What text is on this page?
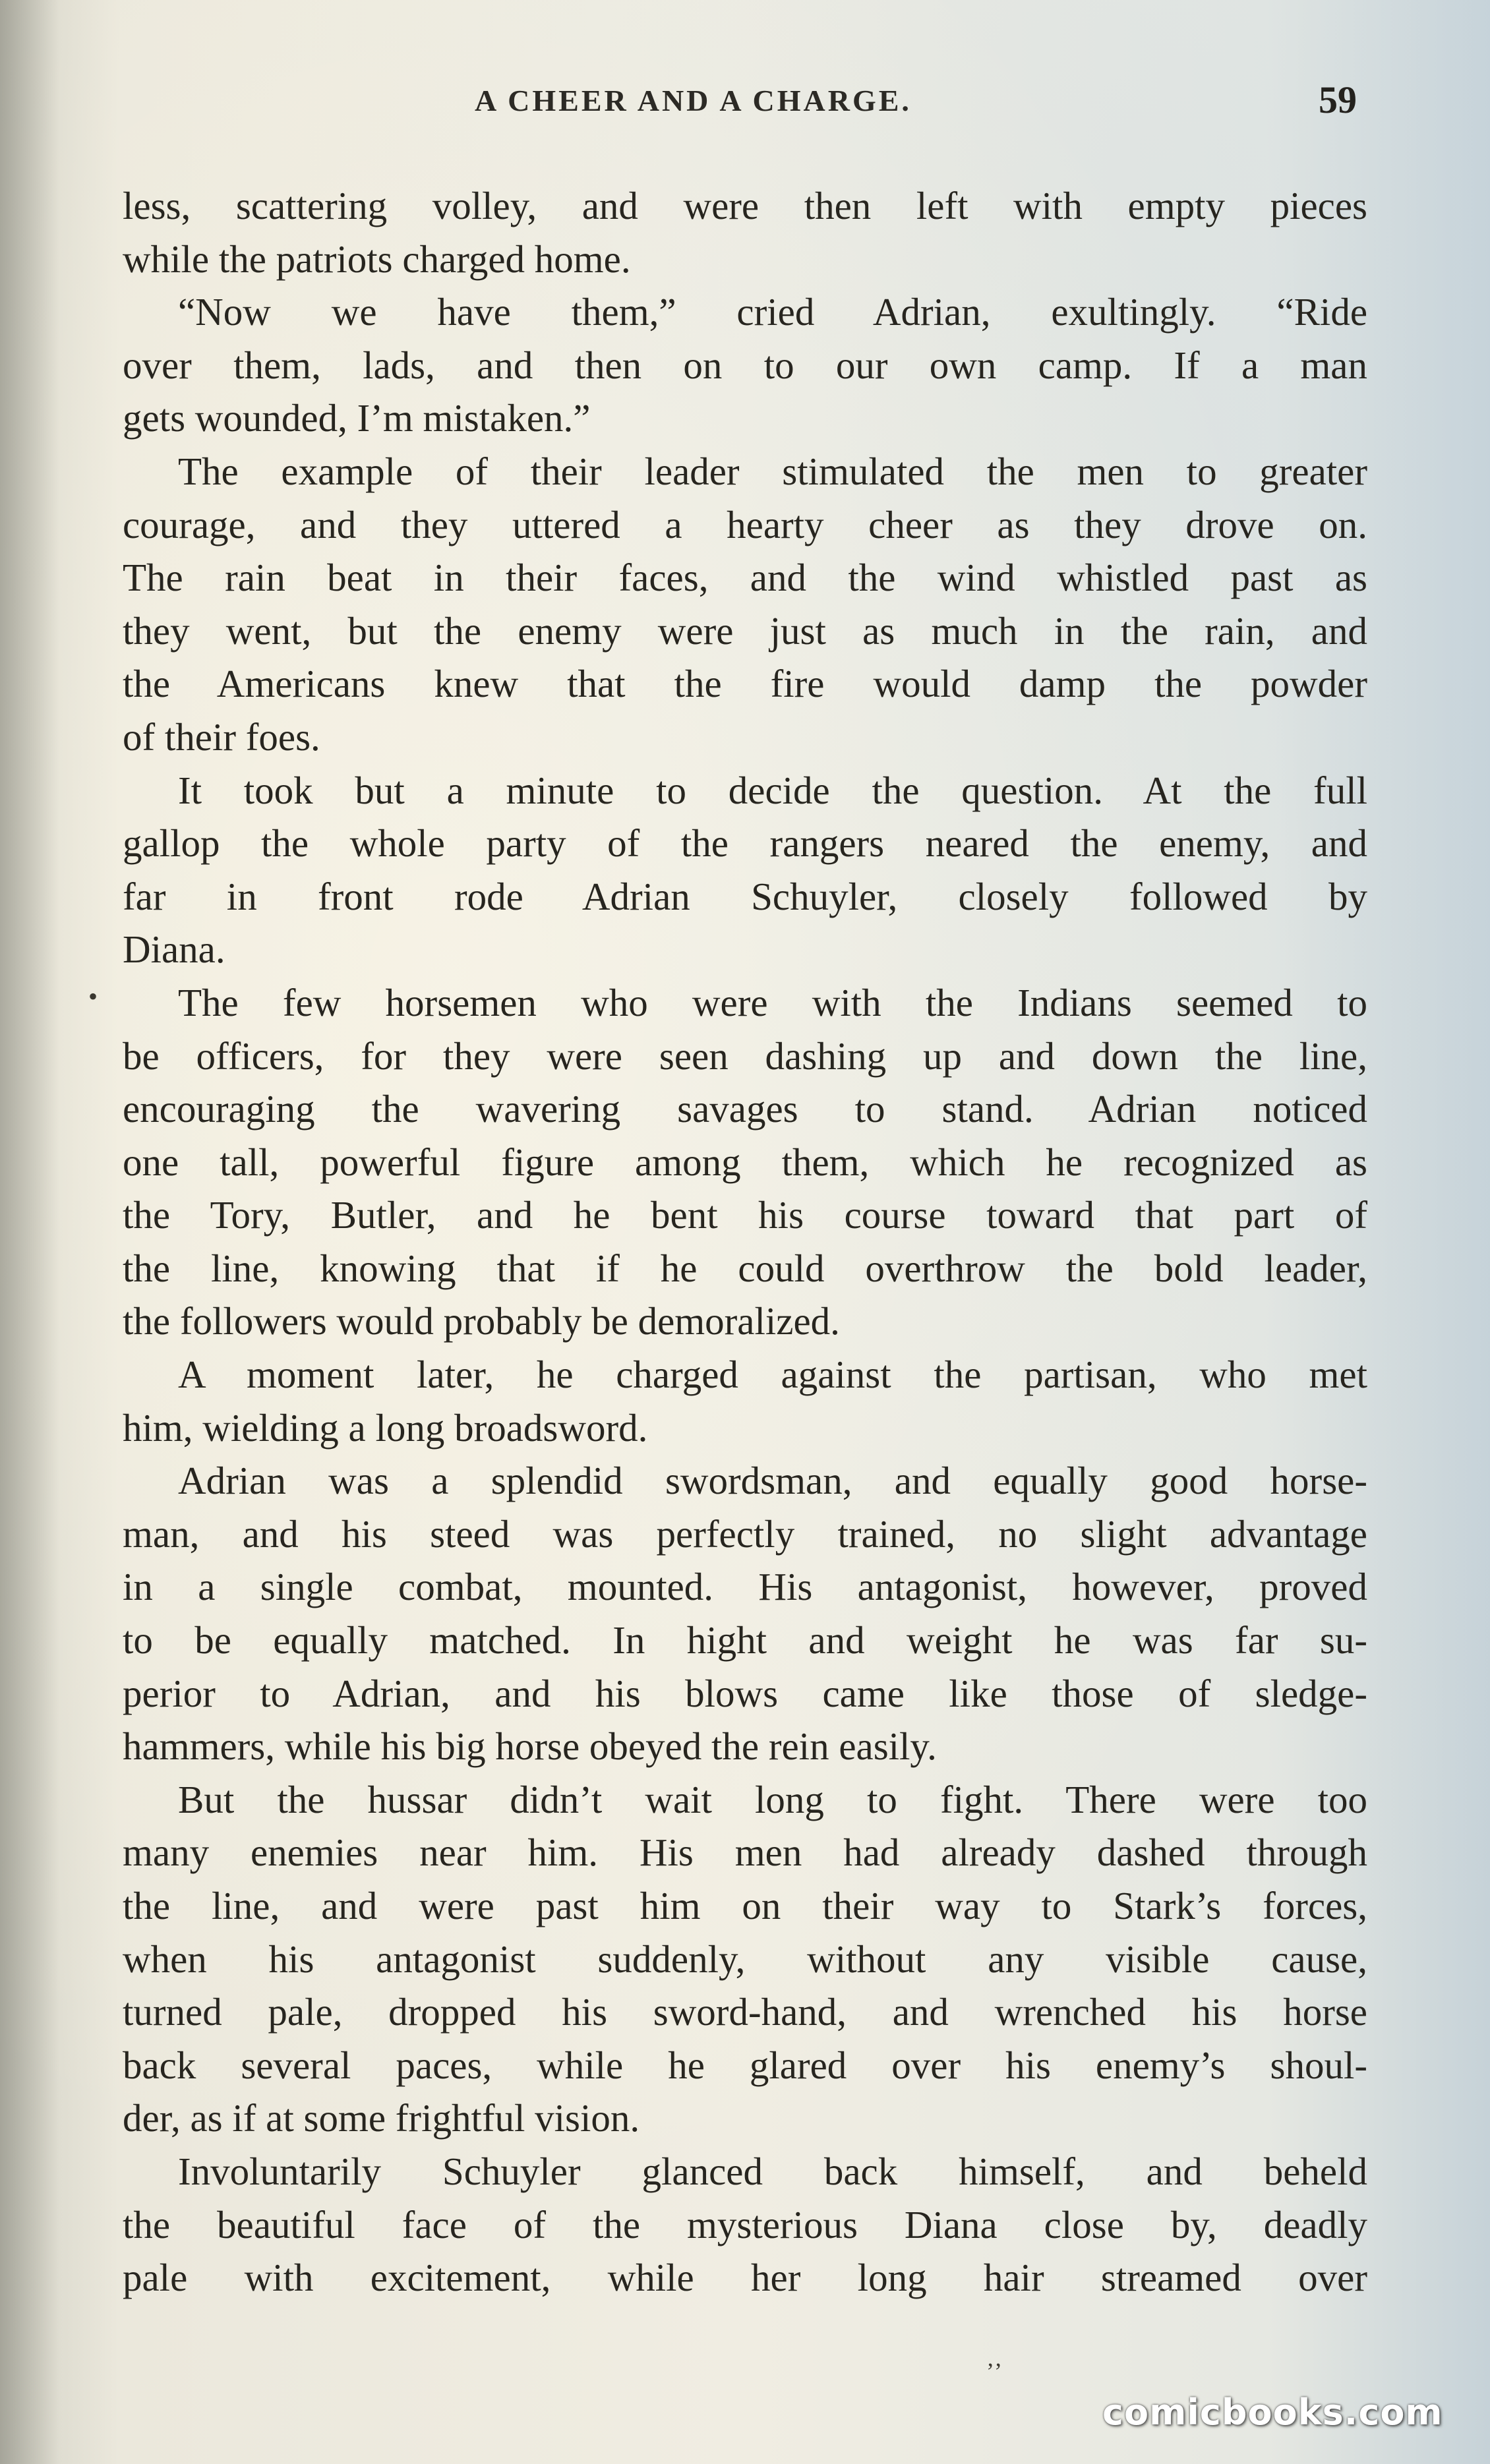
A CHEER AND A CHARGE.	59
less, scattering volley, and were then left with empty pieces
while the patriots charged home.
“Now we have them,” cried Adrian, exultingly. “Ride
over them, lads, and then on to our own camp. If a man
gets wounded, I’m mistaken.”
The example of their leader stimulated the men to greater
courage, and they uttered a hearty cheer as they drove on.
The rain beat in their faces, and the wind whistled past as
they went, but the enemy were just as much in the rain, and
the Americans knew that the fire would damp the powder
of their foes.
It took but a minute to decide the question. At the full
gallop the whole party of the rangers neared the enemy, and
far in front rode Adrian Schuyler, closely followed by
Diana.
The few horsemen who were with the Indians seemed to
be officers, for they were seen dashing up and down the line,
encouraging the wavering savages to stand. Adrian noticed
one tall, powerful figure among them, which he recognized as
the Tory, Butler, and he bent his course toward that part of
the line, knowing that if he could overthrow the bold leader,
the followers would probably be demoralized.
A moment later, he charged against the partisan, who met
him, wielding a long broadsword.
Adrian was a splendid swordsman, and equally good horse-
man, and his steed was perfectly trained, no slight advantage
in a single combat, mounted. His antagonist, however, proved
to be equally matched. In hight and weight he was far su-
perior to Adrian, and his blows came like those of sledge-
hammers, while his big horse obeyed the rein easily.
But the hussar didn’t wait long to fight. There were too
many enemies near him. His men had already dashed through
the line, and were past him on their way to Stark’s forces,
when his antagonist suddenly, without any visible cause,
turned pale, dropped his sword-hand, and wrenched his horse
back several paces, while he glared over his enemy’s shoul-
der, as if at some frightful vision.
Involuntarily Schuyler glanced back himself, and beheld
the beautiful face of the mysterious Diana close by, deadly
pale with excitement, while her long hair streamed over
•
‚‚
comicbooks.com
